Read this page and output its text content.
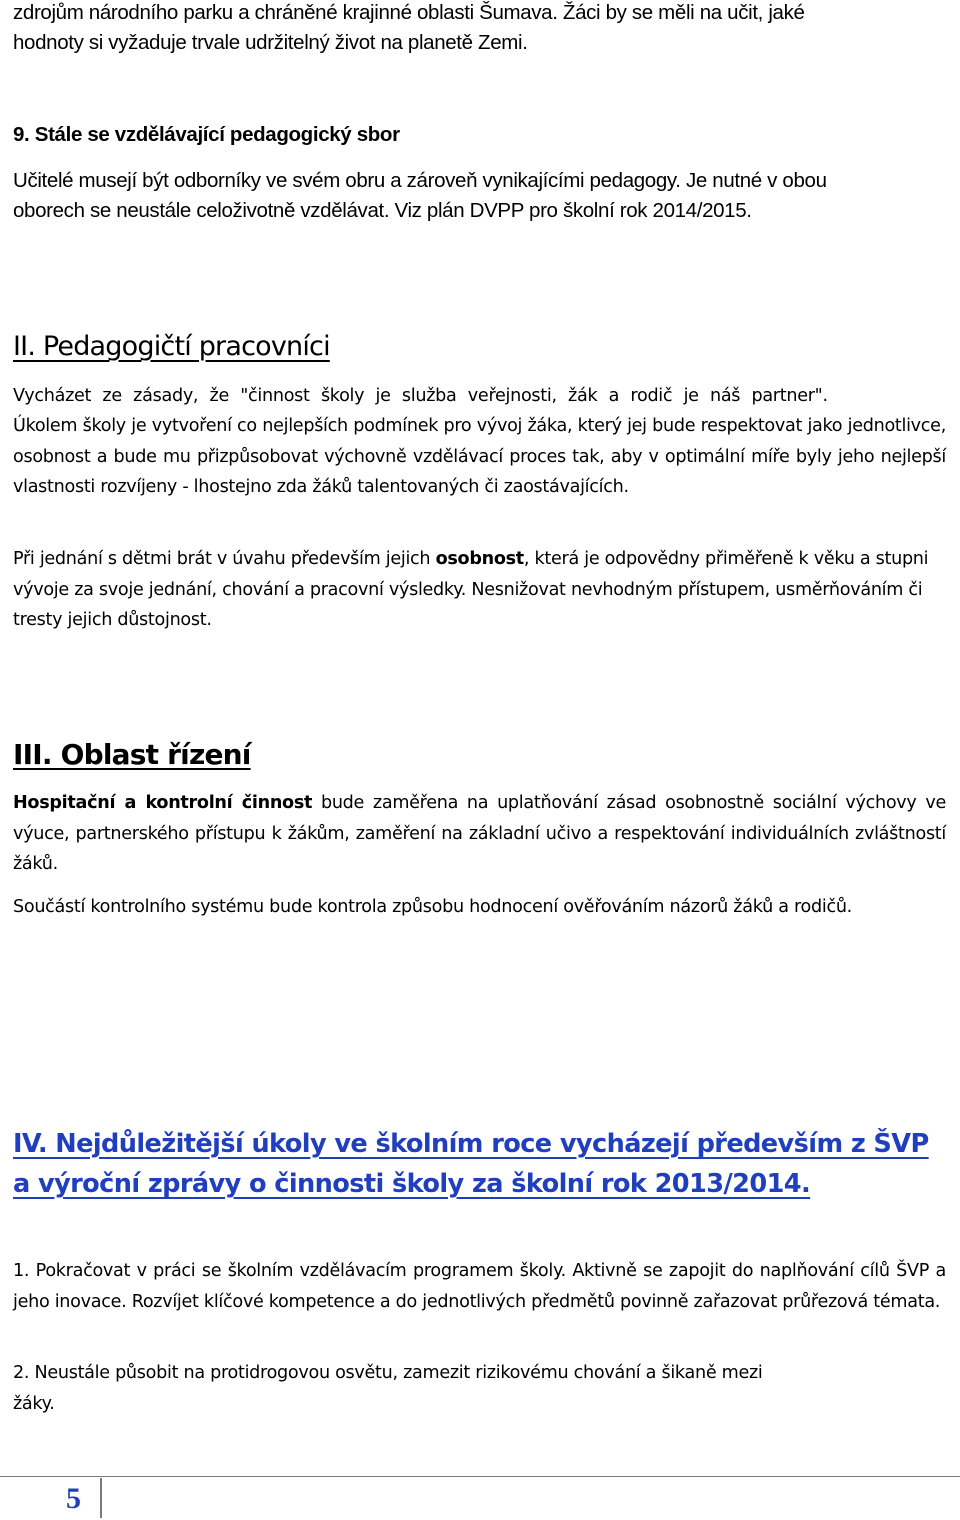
zdrojům národního parku a chráněné krajinné oblasti Šumava. Žáci by se měli na učit, jaké
hodnoty si vyžaduje trvale udržitelný život na planetě Zemi.
9. Stále se vzdělávající pedagogický sbor
Učitelé musejí být odborníky ve svém obru a zároveň vynikajícími pedagogy. Je nutné v obou
oborech se neustále celoživotně vzdělávat. Viz plán DVPP pro školní rok 2014/2015.
II. Pedagogičtí pracovníci
Vycházet ze zásady, že "činnost školy je služba veřejnosti, žák a rodič je náš partner".

Úkolem školy je vytvoření co nejlepších podmínek pro vývoj žáka, který jej bude respektovat jako jednotlivce, osobnost a bude mu přizpůsobovat výchovně vzdělávací proces tak, aby v optimální míře byly jeho nejlepší vlastnosti rozvíjeny - lhostejno zda žáků talentovaných či zaostávajících.

Při jednání s dětmi brát v úvahu především jejich osobnost, která je odpovědny přiměřeně k věku a stupni vývoje za svoje jednání, chování a pracovní výsledky. Nesnižovat nevhodným přístupem, usměrňováním či tresty jejich důstojnost.

III. Oblast řízení

Hospitační a kontrolní činnost bude zaměřena na uplatňování zásad osobnostně sociální výchovy ve výuce, partnerského přístupu k žákům, zaměření na základní učivo a respektování individuálních zvláštností žáků.

Součástí kontrolního systému bude kontrola způsobu hodnocení ověřováním názorů žáků a rodičů.

IV. Nejdůležitější úkoly ve školním roce vycházejí především z ŠVP
a výroční zprávy o činnosti školy za školní rok 2013/2014.

1. Pokračovat v práci se školním vzdělávacím programem školy. Aktivně se zapojit do naplňování cílů ŠVP a jeho inovace. Rozvíjet klíčové kompetence a do jednotlivých předmětů povinně zařazovat průřezová témata.

2. Neustále působit na protidrogovou osvětu, zamezit rizikovému chování a šikaně mezi
žáky.
5
